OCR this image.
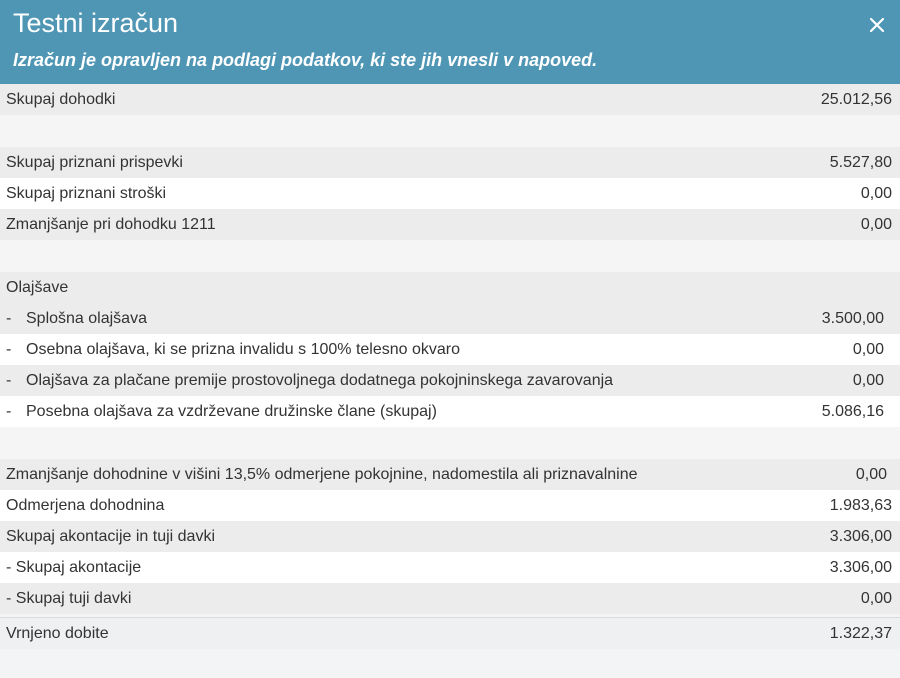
Testni izračun
Izračun je opravljen na podlagi podatkov, ki ste jih vnesli v napoved.
Skupaj dohodki	25.012,56
Skupaj priznani prispevki	5.527,80
Skupaj priznani stroški	0,00
Zmanjšanje pri dohodku 1211	0,00
Olajšave
- Splošna olajšava	3.500,00
- Osebna olajšava, ki se prizna invalidu s 100% telesno okvaro	0,00
- Olajšava za plačane premije prostovoljnega dodatnega pokojninskega zavarovanja	0,00
- Posebna olajšava za vzdrževane družinske člane (skupaj)	5.086,16
Zmanjšanje dohodnine v višini 13,5% odmerjene pokojnine, nadomestila ali priznavalnine	0,00
Odmerjena dohodnina	1.983,63
Skupaj akontacije in tuji davki	3.306,00
- Skupaj akontacije	3.306,00
- Skupaj tuji davki	0,00
Vrnjeno dobite	1.322,37
